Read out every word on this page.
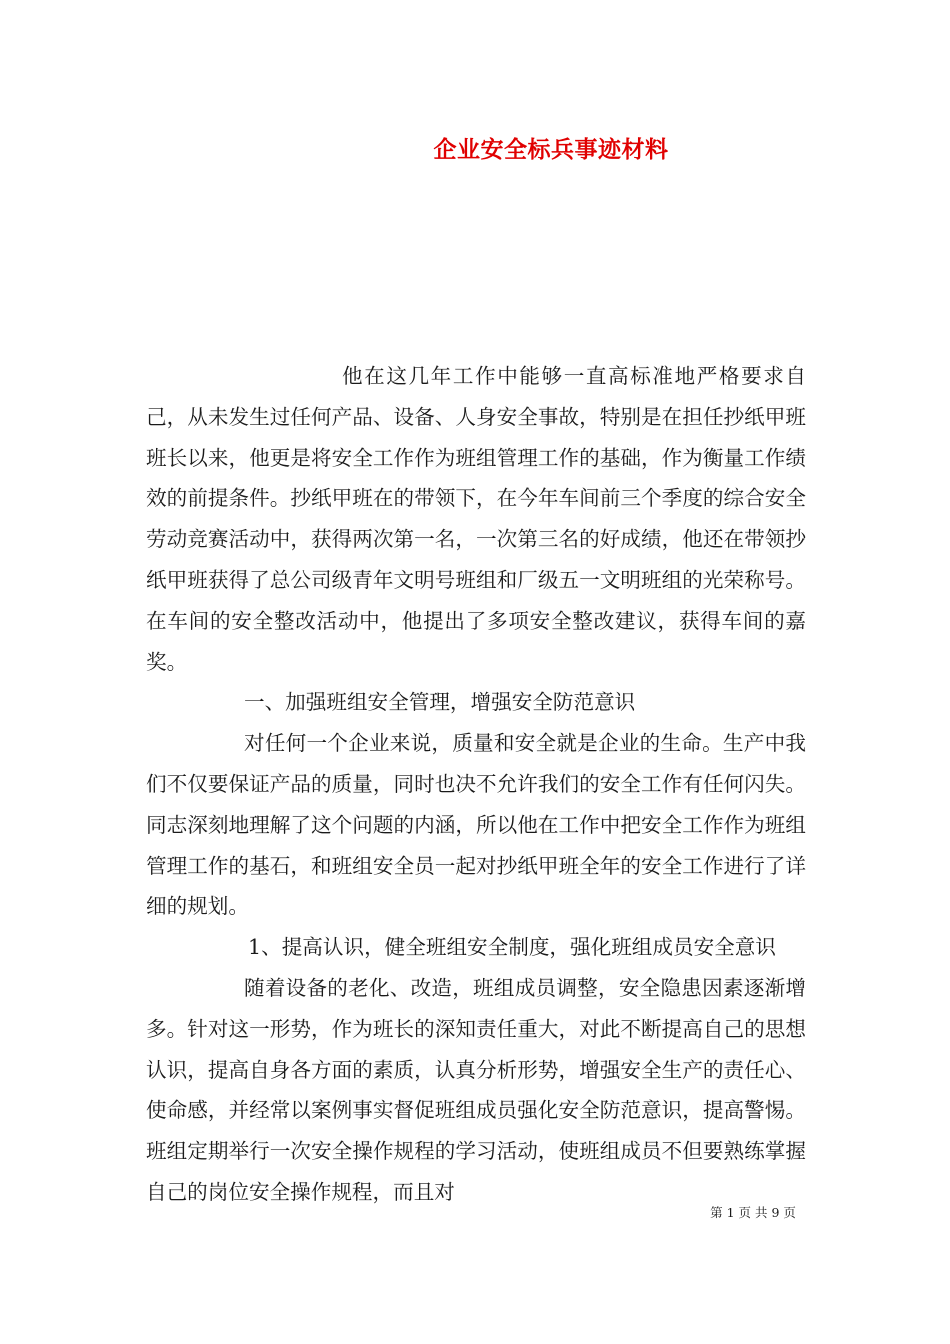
企业安全标兵事迹材料

他在这几年工作中能够一直高标准地严格要求自己，从未发生过任何产品、设备、人身安全事故，特别是在担任抄纸甲班班长以来，他更是将安全工作作为班组管理工作的基础，作为衡量工作绩效的前提条件。抄纸甲班在的带领下，在今年车间前三个季度的综合安全劳动竞赛活动中，获得两次第一名，一次第三名的好成绩，他还在带领抄纸甲班获得了总公司级青年文明号班组和厂级五一文明班组的光荣称号。在车间的安全整改活动中，他提出了多项安全整改建议，获得车间的嘉奖。

一、加强班组安全管理，增强安全防范意识

对任何一个企业来说，质量和安全就是企业的生命。生产中我们不仅要保证产品的质量，同时也决不允许我们的安全工作有任何闪失。同志深刻地理解了这个问题的内涵，所以他在工作中把安全工作作为班组管理工作的基石，和班组安全员一起对抄纸甲班全年的安全工作进行了详细的规划。

1、提高认识，健全班组安全制度，强化班组成员安全意识

随着设备的老化、改造，班组成员调整，安全隐患因素逐渐增多。针对这一形势，作为班长的深知责任重大，对此不断提高自己的思想认识，提高自身各方面的素质，认真分析形势，增强安全生产的责任心、使命感，并经常以案例事实督促班组成员强化安全防范意识，提高警惕。班组定期举行一次安全操作规程的学习活动，使班组成员不但要熟练掌握自己的岗位安全操作规程，而且对

第 1 页 共 9 页
